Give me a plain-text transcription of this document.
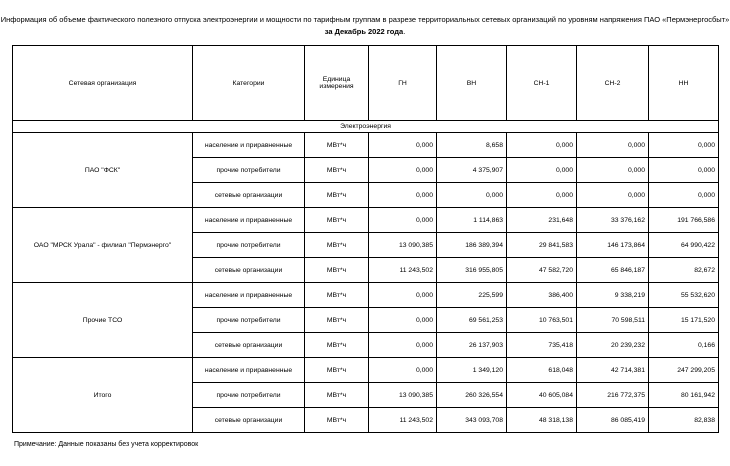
Информация об объеме фактического полезного отпуска электроэнергии и мощности по тарифным группам в разрезе территориальных сетевых организаций по уровням напряжения ПАО «Пермэнергосбыт»
за Декабрь 2022 года.
Сетевая организация	Категории	Единица
измерения	ГН	ВН	СН-1	СН-2	НН
Электроэнергия							
ПАО "ФСК"	население и приравненные	МВт*ч	0,000	8,658	0,000	0,000	0,000
	прочие потребители	МВт*ч	0,000	4 375,907	0,000	0,000	0,000
	сетевые организации	МВт*ч	0,000	0,000	0,000	0,000	0,000
ОАО "МРСК Урала" - филиал "Пермэнерго"	население и приравненные	МВт*ч	0,000	1 114,863	231,648	33 376,162	191 766,586
	прочие потребители	МВт*ч	13 090,385	186 389,394	29 841,583	146 173,864	64 990,422
	сетевые организации	МВт*ч	11 243,502	316 955,805	47 582,720	65 846,187	82,672
Прочие ТСО	население и приравненные	МВт*ч	0,000	225,599	386,400	9 338,219	55 532,620
	прочие потребители	МВт*ч	0,000	69 561,253	10 763,501	70 598,511	15 171,520
	сетевые организации	МВт*ч	0,000	26 137,903	735,418	20 239,232	0,166
Итого	население и приравненные	МВт*ч	0,000	1 349,120	618,048	42 714,381	247 299,205
	прочие потребители	МВт*ч	13 090,385	260 326,554	40 605,084	216 772,375	80 161,942
	сетевые организации	МВт*ч	11 243,502	343 093,708	48 318,138	86 085,419	82,838
Примечание: Данные показаны без учета корректировок
